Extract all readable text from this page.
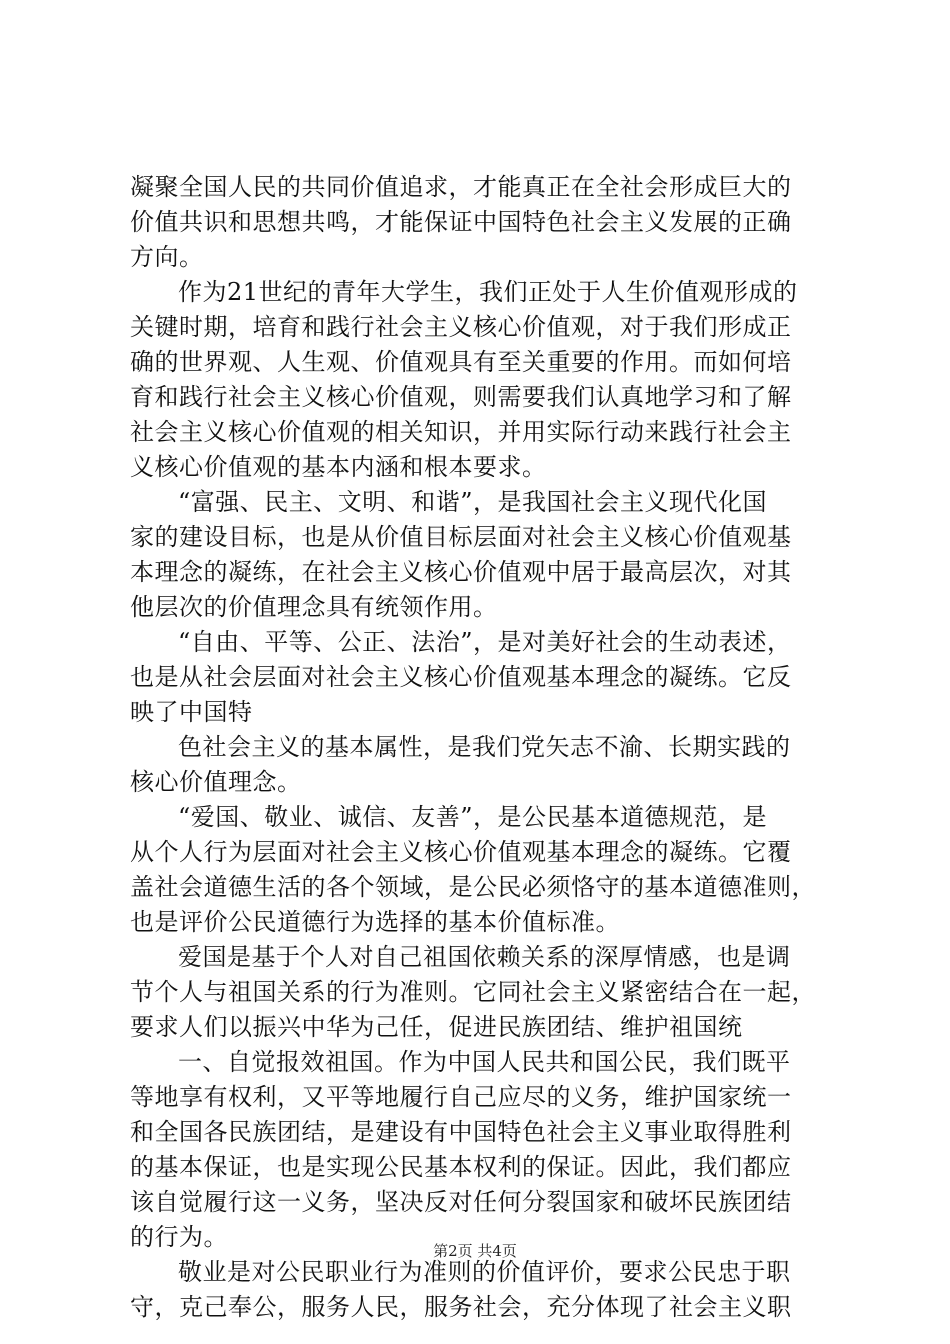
凝聚全国人民的共同价值追求，才能真正在全社会形成巨大的
价值共识和思想共鸣，才能保证中国特色社会主义发展的正确
方向。
作为21世纪的青年大学生，我们正处于人生价值观形成的
关键时期，培育和践行社会主义核心价值观，对于我们形成正
确的世界观、人生观、价值观具有至关重要的作用。而如何培
育和践行社会主义核心价值观，则需要我们认真地学习和了解
社会主义核心价值观的相关知识，并用实际行动来践行社会主
义核心价值观的基本内涵和根本要求。
“富强、民主、文明、和谐”，是我国社会主义现代化国
家的建设目标，也是从价值目标层面对社会主义核心价值观基
本理念的凝练，在社会主义核心价值观中居于最高层次，对其
他层次的价值理念具有统领作用。
“自由、平等、公正、法治”，是对美好社会的生动表述，
也是从社会层面对社会主义核心价值观基本理念的凝练。它反
映了中国特
色社会主义的基本属性，是我们党矢志不渝、长期实践的
核心价值理念。
“爱国、敬业、诚信、友善”，是公民基本道德规范，是
从个人行为层面对社会主义核心价值观基本理念的凝练。它覆
盖社会道德生活的各个领域，是公民必须恪守的基本道德准则，
也是评价公民道德行为选择的基本价值标准。
爱国是基于个人对自己祖国依赖关系的深厚情感，也是调
节个人与祖国关系的行为准则。它同社会主义紧密结合在一起，
要求人们以振兴中华为己任，促进民族团结、维护祖国统
一、自觉报效祖国。作为中国人民共和国公民，我们既平
等地享有权利，又平等地履行自己应尽的义务，维护国家统一
和全国各民族团结，是建设有中国特色社会主义事业取得胜利
的基本保证，也是实现公民基本权利的保证。因此，我们都应
该自觉履行这一义务，坚决反对任何分裂国家和破坏民族团结
的行为。
敬业是对公民职业行为准则的价值评价，要求公民忠于职
守，克己奉公，服务人民，服务社会，充分体现了社会主义职
第2页 共4页
